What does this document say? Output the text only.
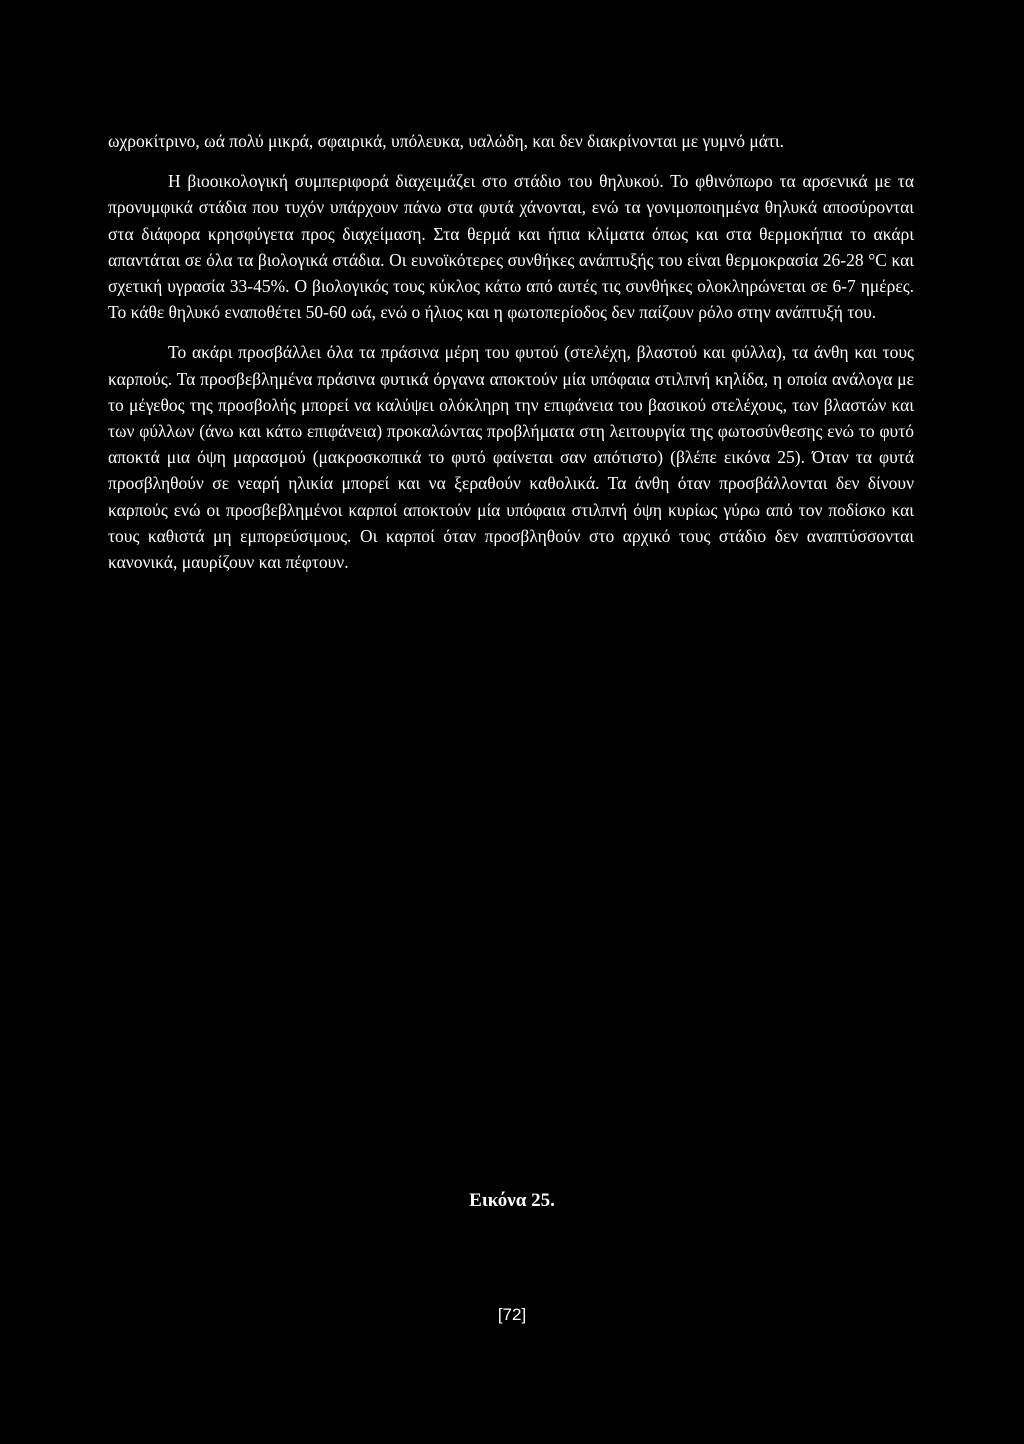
ωχροκίτρινο, ωά πολύ μικρά, σφαιρικά, υπόλευκα, υαλώδη, και δεν διακρίνονται με γυμνό μάτι.

Η βιοοικολογική συμπεριφορά διαχειμάζει στο στάδιο του θηλυκού. Το φθινόπωρο τα αρσενικά με τα προνυμφικά στάδια που τυχόν υπάρχουν πάνω στα φυτά χάνονται, ενώ τα γονιμοποιημένα θηλυκά αποσύρονται στα διάφορα κρησφύγετα προς διαχείμαση. Στα θερμά και ήπια κλίματα όπως και στα θερμοκήπια το ακάρι απαντάται σε όλα τα βιολογικά στάδια. Οι ευνοϊκότερες συνθήκες ανάπτυξής του είναι θερμοκρασία 26-28 °C και σχετική υγρασία 33-45%. Ο βιολογικός τους κύκλος κάτω από αυτές τις συνθήκες ολοκληρώνεται σε 6-7 ημέρες. Το κάθε θηλυκό εναποθέτει 50-60 ωά, ενώ ο ήλιος και η φωτοπερίοδος δεν παίζουν ρόλο στην ανάπτυξή του.

Το ακάρι προσβάλλει όλα τα πράσινα μέρη του φυτού (στελέχη, βλαστού και φύλλα), τα άνθη και τους καρπούς. Τα προσβεβλημένα πράσινα φυτικά όργανα αποκτούν μία υπόφαια στιλπνή κηλίδα, η οποία ανάλογα με το μέγεθος της προσβολής μπορεί να καλύψει ολόκληρη την επιφάνεια του βασικού στελέχους, των βλαστών και των φύλλων (άνω και κάτω επιφάνεια) προκαλώντας προβλήματα στη λειτουργία της φωτοσύνθεσης ενώ το φυτό αποκτά μια όψη μαρασμού (μακροσκοπικά το φυτό φαίνεται σαν απότιστο) (βλέπε εικόνα 25). Όταν τα φυτά προσβληθούν σε νεαρή ηλικία μπορεί και να ξεραθούν καθολικά. Τα άνθη όταν προσβάλλονται δεν δίνουν καρπούς ενώ οι προσβεβλημένοι καρποί αποκτούν μία υπόφαια στιλπνή όψη κυρίως γύρω από τον ποδίσκο και τους καθιστά μη εμπορεύσιμους. Οι καρποί όταν προσβληθούν στο αρχικό τους στάδιο δεν αναπτύσσονται κανονικά, μαυρίζουν και πέφτουν.

Εικόνα 25.
[72]
